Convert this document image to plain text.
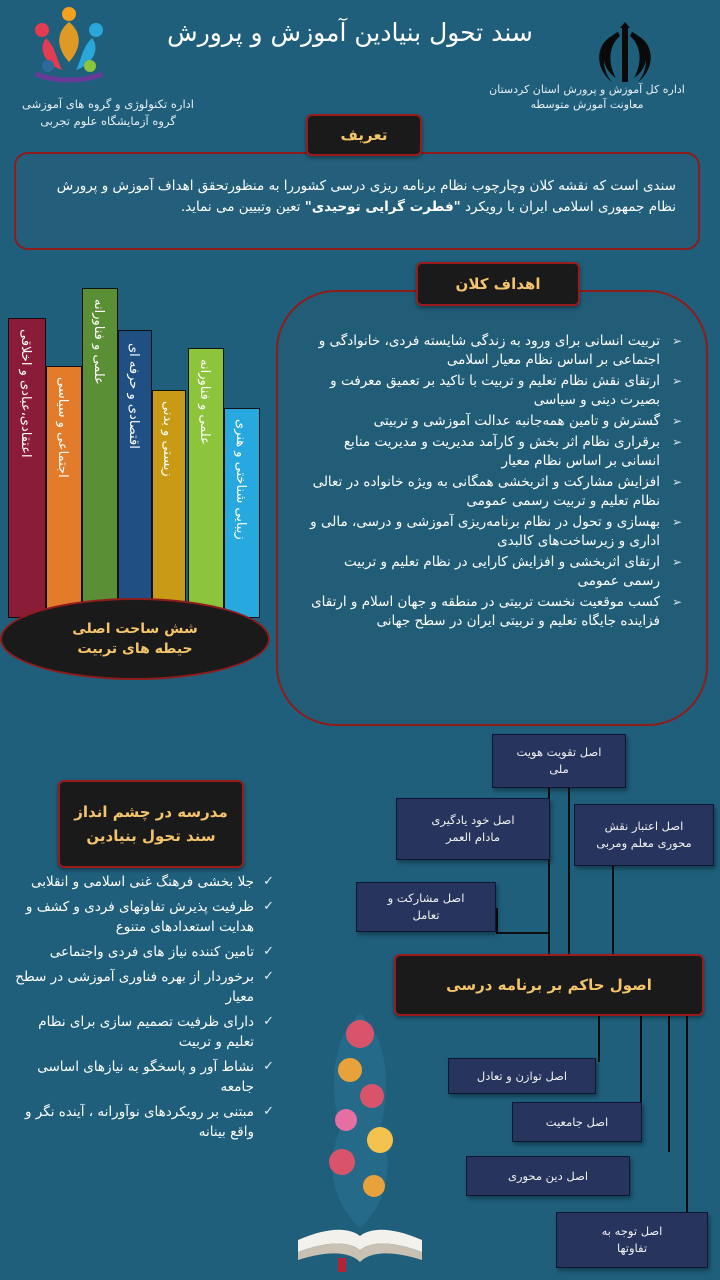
سند تحول بنیادین آموزش و پرورش
اداره کل آموزش و پرورش استان کردستان
معاونت آموزش متوسطه
اداره تکنولوژی و گروه های آموزشی
گروه آزمایشگاه علوم تجربی
سندی است که نقشه کلان وچارچوب نظام برنامه ریزی درسی کشوررا به منظورتحقق اهداف آموزش و پرورش نظام جمهوری اسلامی ایران با رویکرد "فطرت گرایی توحیدی" تعین وتبیین می نماید.
تعریف
➢ تربیت انسانی برای ورود به زندگی شایسته فردی، خانوادگی و اجتماعی بر اساس نظام معیار اسلامی
➢ ارتقای نقش نظام تعلیم و تربیت با تاکید بر تعمیق معرفت و بصیرت دینی و سیاسی
➢ گسترش و تامین همه‌جانبه عدالت آموزشی و تربیتی
➢ برقراری نظام اثر بخش و کارآمد مدیریت و مدیریت منابع انسانی بر اساس نظام معیار
➢ افزایش مشارکت و اثربخشی همگانی به ویژه خانواده در تعالی نظام تعلیم و تربیت رسمی عمومی
➢ بهسازی و تحول در نظام برنامه‌ریزی آموزشی و درسی، مالی و اداری و زیرساخت‌های کالبدی
➢ ارتقای اثربخشی و افزایش کارایی در نظام تعلیم و تربیت رسمی عمومی
➢ کسب موقعیت نخست تربیتی در منطقه و جهان اسلام و ارتقای فزاینده جایگاه تعلیم و تربیتی ایران در سطح جهانی
اهداف کلان
اعتقادی،عبادی و اخلاقی اجتماعی و سیاسی
علمی و فناورانه
اقتصادی و حرفه ای زیستی و بدنی علمی و فناورانه
زیبایی شناختی و هنری
شش ساحت اصلی
حیطه های تربیت
مدرسه در چشم انداز
سند تحول بنیادین
✓ جلا بخشی فرهنگ غنی اسلامی و انقلابی
✓ ظرفیت پذیرش تفاوتهای فردی و کشف و هدایت استعدادهای متنوع
✓ تامین کننده نیاز های فردی واجتماعی
✓ برخوردار از بهره فناوری آموزشی در سطح معیار
✓ دارای ظرفیت تصمیم سازی برای نظام تعلیم و تربیت
✓ نشاط آور و پاسخگو به نیازهای اساسی جامعه
✓ مبتنی بر رویکردهای نوآورانه ، آینده نگر و واقع بینانه
اصل تقویت هویت ملی
اصل خود یادگیری مادام العمر
اصل اعتبار نقش محوری معلم ومربی
اصل مشارکت و تعامل
اصول حاکم بر برنامه درسی
اصل توازن و تعادل
اصل جامعیت
اصل دین محوری
اصل توجه به تفاوتها
